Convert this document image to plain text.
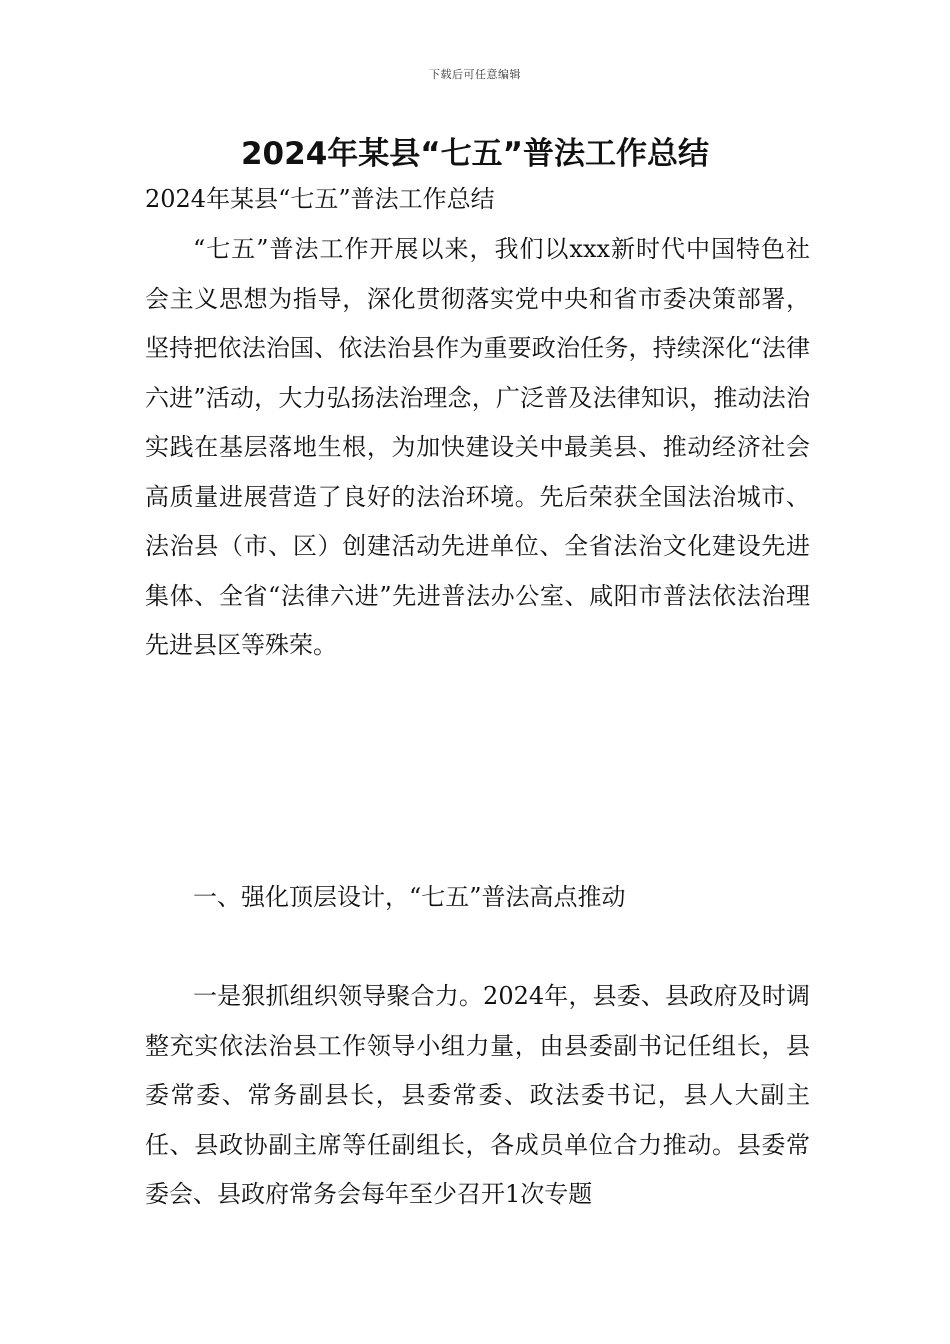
下载后可任意编辑
2024年某县“七五”普法工作总结

2024年某县“七五”普法工作总结

“七五”普法工作开展以来，我们以xxx新时代中国特色社会主义思想为指导，深化贯彻落实党中央和省市委决策部署，坚持把依法治国、依法治县作为重要政治任务，持续深化“法律六进”活动，大力弘扬法治理念，广泛普及法律知识，推动法治实践在基层落地生根，为加快建设关中最美县、推动经济社会高质量进展营造了良好的法治环境。先后荣获全国法治城市、法治县（市、区）创建活动先进单位、全省法治文化建设先进集体、全省“法律六进”先进普法办公室、咸阳市普法依法治理先进县区等殊荣。

一、强化顶层设计，“七五”普法高点推动

一是狠抓组织领导聚合力。2024年，县委、县政府及时调整充实依法治县工作领导小组力量，由县委副书记任组长，县委常委、常务副县长，县委常委、政法委书记，县人大副主任、县政协副主席等任副组长，各成员单位合力推动。县委常委会、县政府常务会每年至少召开1次专题
